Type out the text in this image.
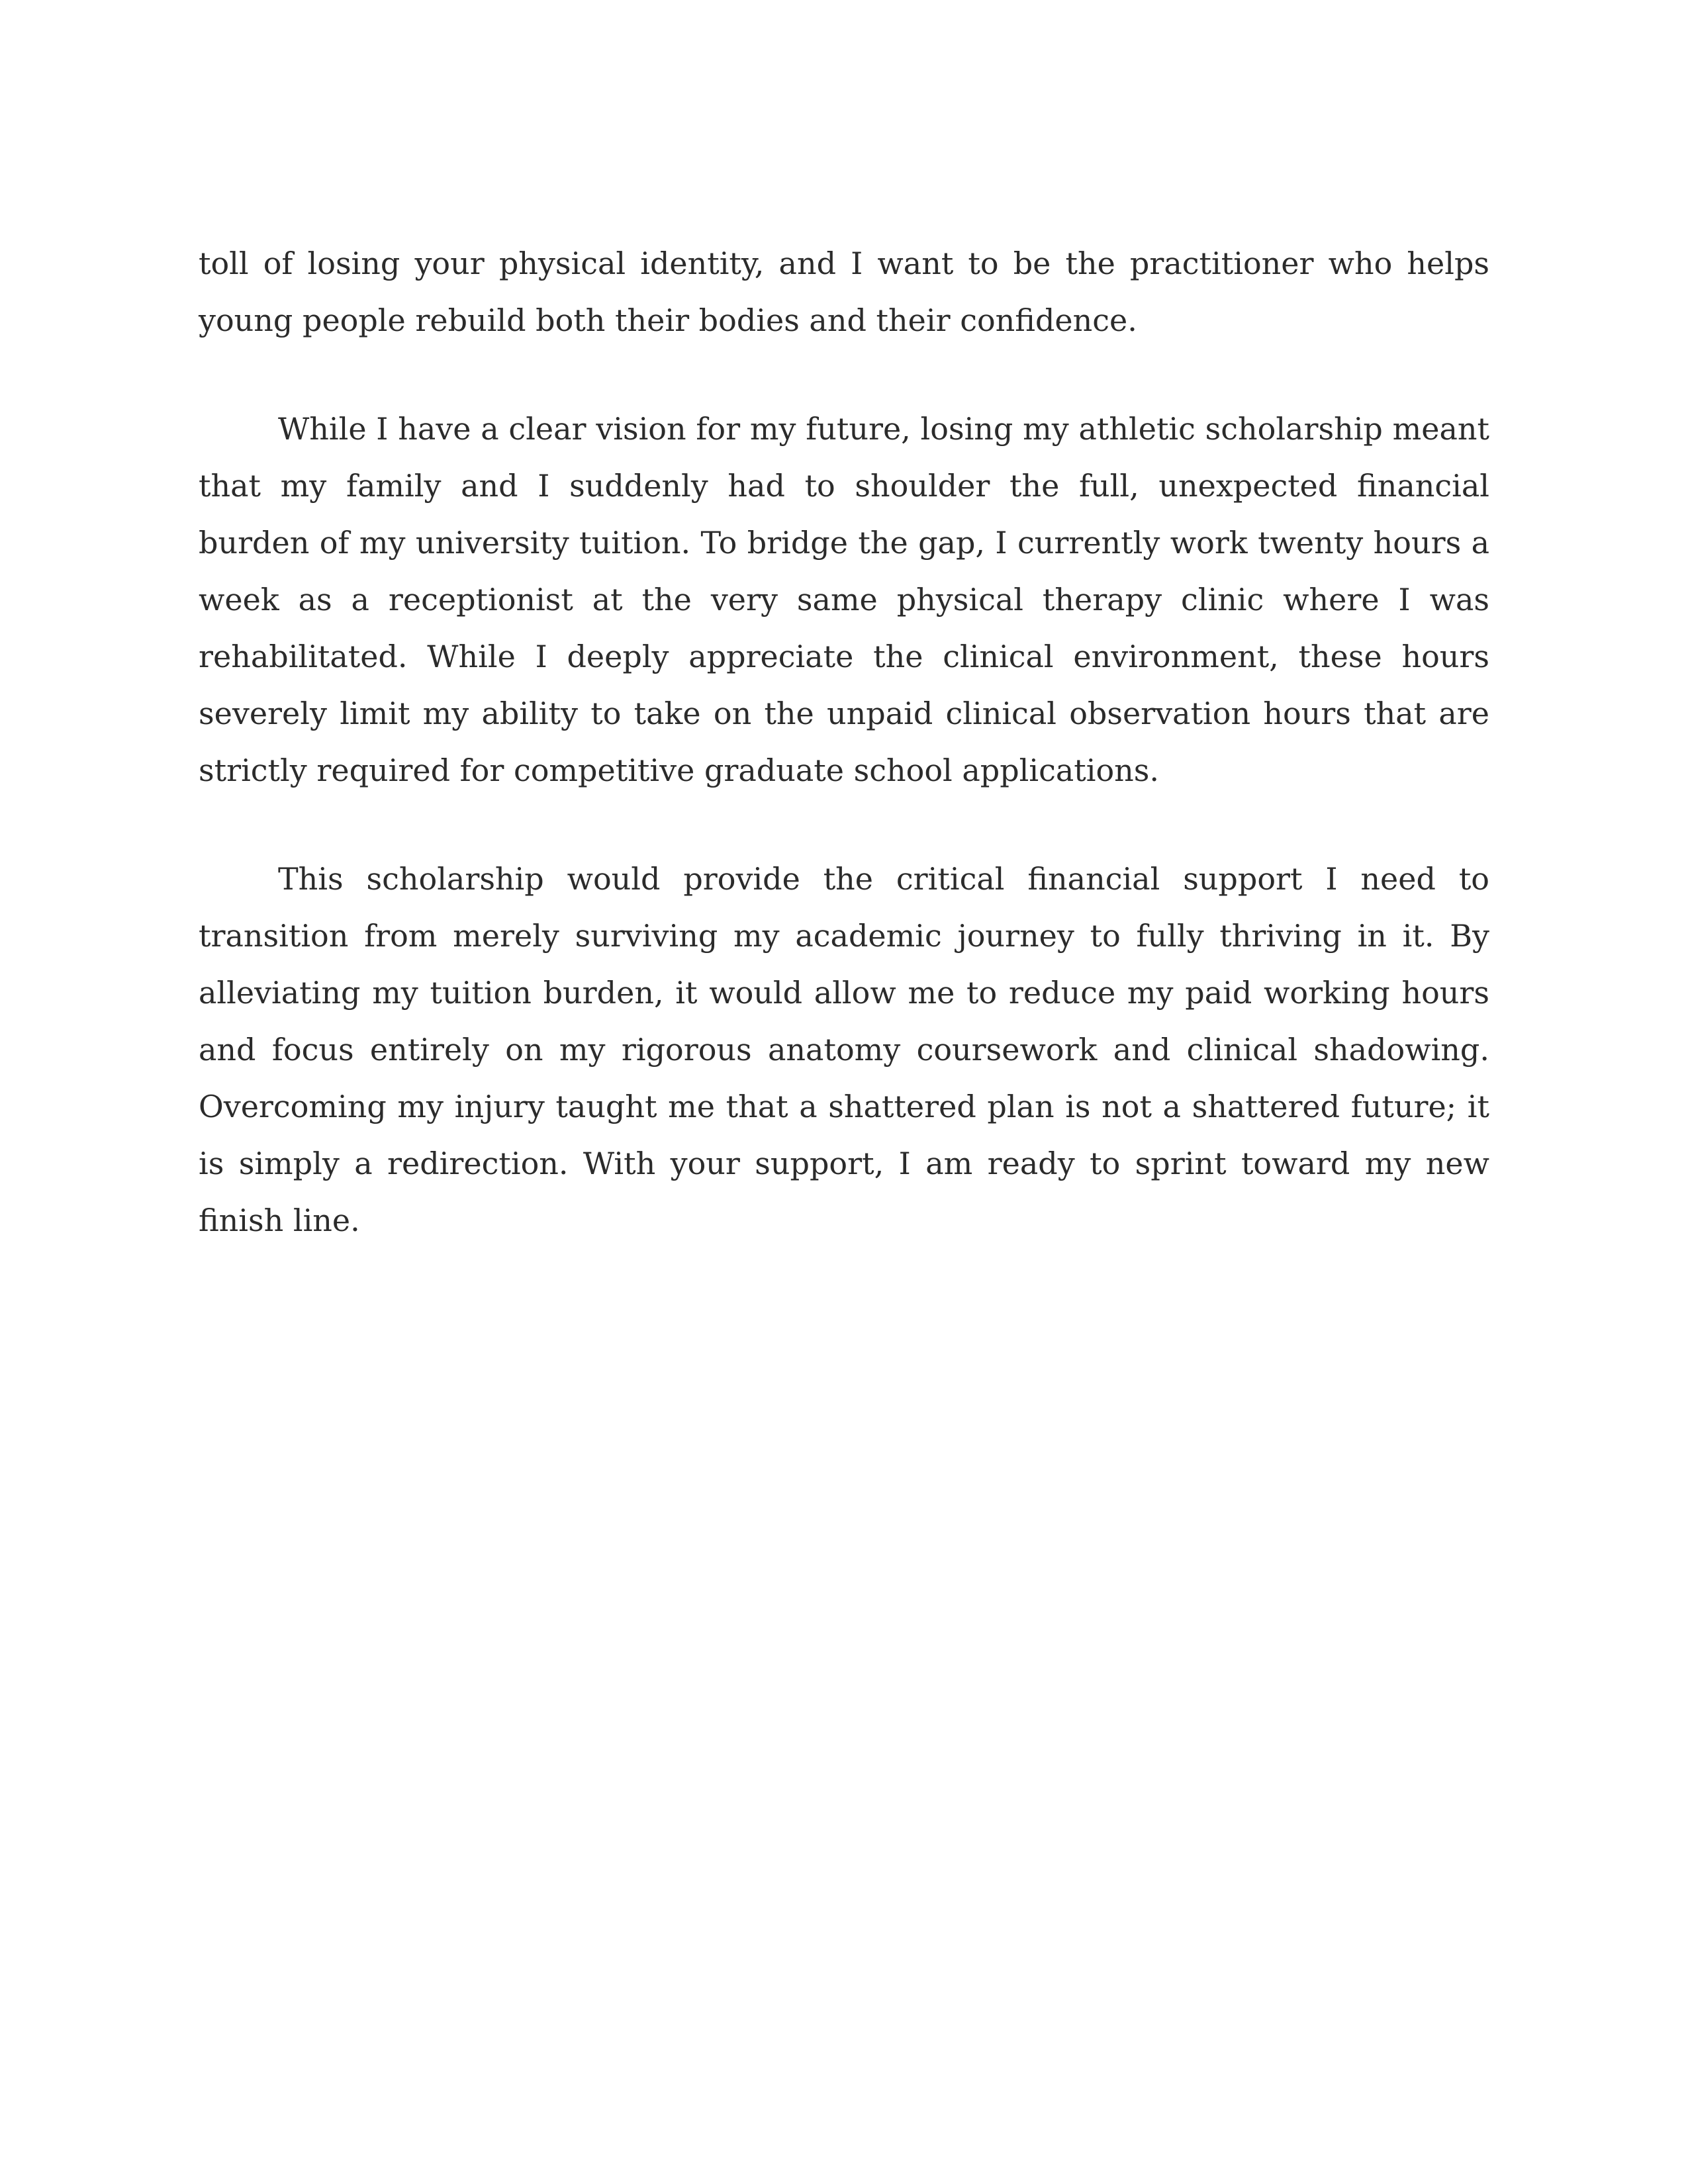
toll of losing your physical identity, and I want to be the practitioner who helps young people rebuild both their bodies and their confidence.

While I have a clear vision for my future, losing my athletic scholarship meant that my family and I suddenly had to shoulder the full, unexpected financial burden of my university tuition. To bridge the gap, I currently work twenty hours a week as a receptionist at the very same physical therapy clinic where I was rehabilitated. While I deeply appreciate the clinical environment, these hours severely limit my ability to take on the unpaid clinical observation hours that are strictly required for competitive graduate school applications.

This scholarship would provide the critical financial support I need to transition from merely surviving my academic journey to fully thriving in it. By alleviating my tuition burden, it would allow me to reduce my paid working hours and focus entirely on my rigorous anatomy coursework and clinical shadowing. Overcoming my injury taught me that a shattered plan is not a shattered future; it is simply a redirection. With your support, I am ready to sprint toward my new finish line.
